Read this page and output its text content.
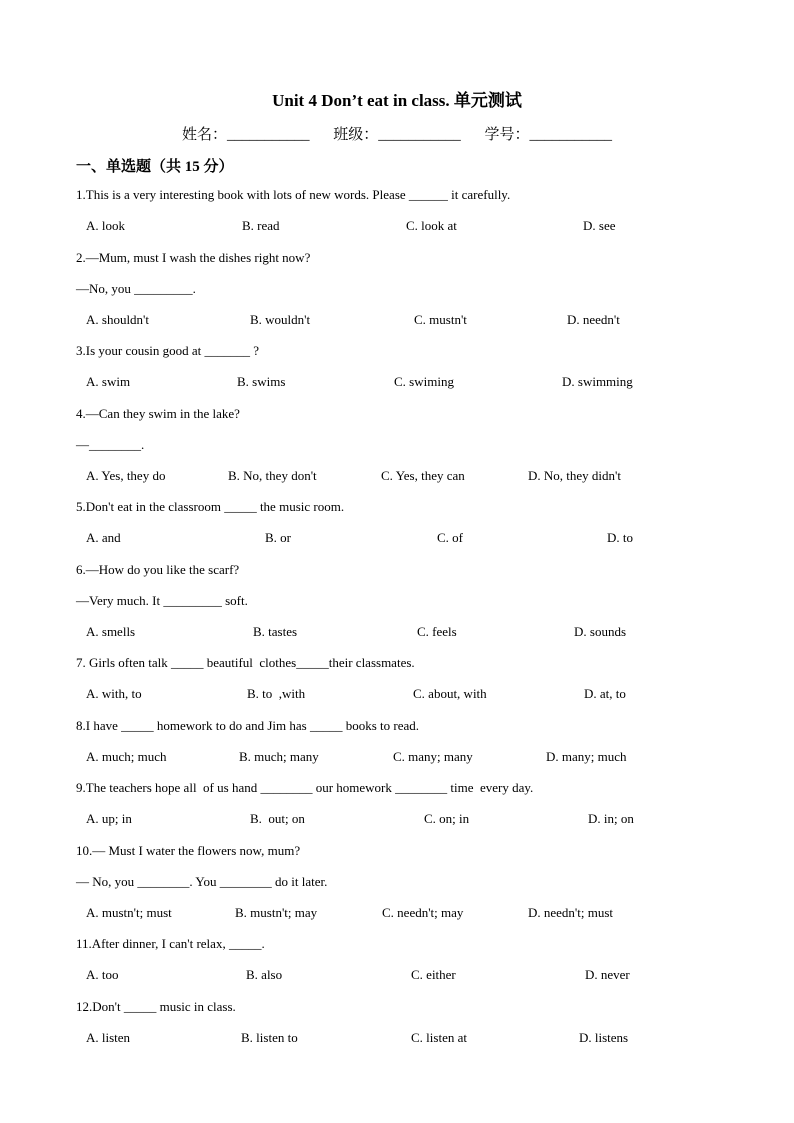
Unit 4 Don’t eat in class. 单元测试
姓名：___________ 班级：___________ 学号：___________
一、单选题（共 15 分）
1.This is a very interesting book with lots of new words. Please ______ it carefully.
A. look	B. read	C. look at	D. see
2.—Mum, must I wash the dishes right now?
—No, you _________.
A. shouldn't	B. wouldn't	C. mustn't	D. needn't
3.Is your cousin good at _______ ?
A. swim	B. swims	C. swiming	D. swimming
4.—Can they swim in the lake?
—________.
A. Yes, they do	B. No, they don't	C. Yes, they can	D. No, they didn't
5.Don't eat in the classroom _____ the music room.
A. and	B. or	C. of	D. to
6.—How do you like the scarf?
—Very much. It _________ soft.
A. smells	B. tastes	C. feels	D. sounds
7. Girls often talk _____ beautiful  clothes_____their classmates.
A. with, to	B. to  ,with	C. about, with	D. at, to
8.I have _____ homework to do and Jim has _____ books to read.
A. much; much	B. much; many	C. many; many	D. many; much
9.The teachers hope all  of us hand ________ our homework ________ time  every day.
A. up; in	B.  out; on	C. on; in	D. in; on
10.— Must I water the flowers now, mum?
— No, you ________. You ________ do it later.
A. mustn't; must	B. mustn't; may	C. needn't; may	D. needn't; must
11.After dinner, I can't relax, _____.
A. too	B. also	C. either	D. never
12.Don't _____ music in class.
A. listen	B. listen to	C. listen at	D. listens
